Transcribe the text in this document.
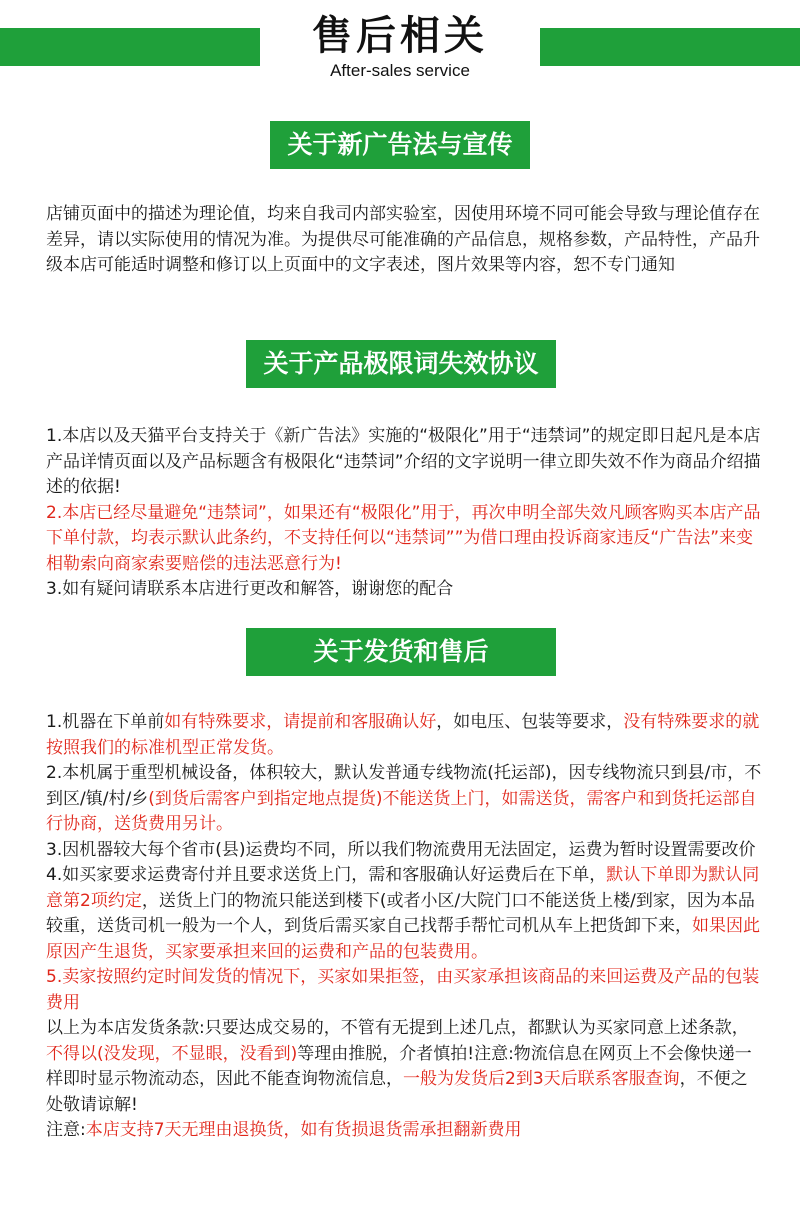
售后相关
After-sales service
关于新广告法与宣传
店铺页面中的描述为理论值，均来自我司内部实验室，因使用环境不同可能会导致与理论值存在差异，请以实际使用的情况为准。为提供尽可能准确的产品信息，规格参数，产品特性，产品升级本店可能适时调整和修订以上页面中的文字表述，图片效果等内容，恕不专门通知
关于产品极限词失效协议
1.本店以及天猫平台支持关于《新广告法》实施的“极限化”用于“违禁词”的规定即日起凡是本店产品详情页面以及产品标题含有极限化“违禁词”介绍的文字说明一律立即失效不作为商品介绍描述的依据!
2.本店已经尽量避免“违禁词”，如果还有“极限化”用于，再次申明全部失效凡顾客购买本店产品下单付款，均表示默认此条约，不支持任何以“违禁词””为借口理由投诉商家违反“广告法”来变相勒索向商家索要赔偿的违法恶意行为!
3.如有疑问请联系本店进行更改和解答，谢谢您的配合
关于发货和售后
1.机器在下单前如有特殊要求，请提前和客服确认好，如电压、包装等要求，没有特殊要求的就按照我们的标准机型正常发货。
2.本机属于重型机械设备，体积较大，默认发普通专线物流(托运部)，因专线物流只到县/市，不到区/镇/村/乡(到货后需客户到指定地点提货)不能送货上门，如需送货，需客户和到货托运部自行协商，送货费用另计。
3.因机器较大每个省市(县)运费均不同，所以我们物流费用无法固定，运费为暂时设置需要改价
4.如买家要求运费寄付并且要求送货上门，需和客服确认好运费后在下单，默认下单即为默认同意第2项约定，送货上门的物流只能送到楼下(或者小区/大院门口不能送货上楼/到家，因为本品较重，送货司机一般为一个人，到货后需买家自己找帮手帮忙司机从车上把货卸下来，如果因此原因产生退货，买家要承担来回的运费和产品的包装费用。
5.卖家按照约定时间发货的情况下，买家如果拒签，由买家承担该商品的来回运费及产品的包装费用
以上为本店发货条款:只要达成交易的，不管有无提到上述几点，都默认为买家同意上述条款，不得以(没发现，不显眼，没看到)等理由推脱，介者慎拍!注意:物流信息在网页上不会像快递一样即时显示物流动态，因此不能查询物流信息，一般为发货后2到3天后联系客服查询，不便之处敬请谅解!
注意:本店支持7天无理由退换货，如有货损退货需承担翻新费用
